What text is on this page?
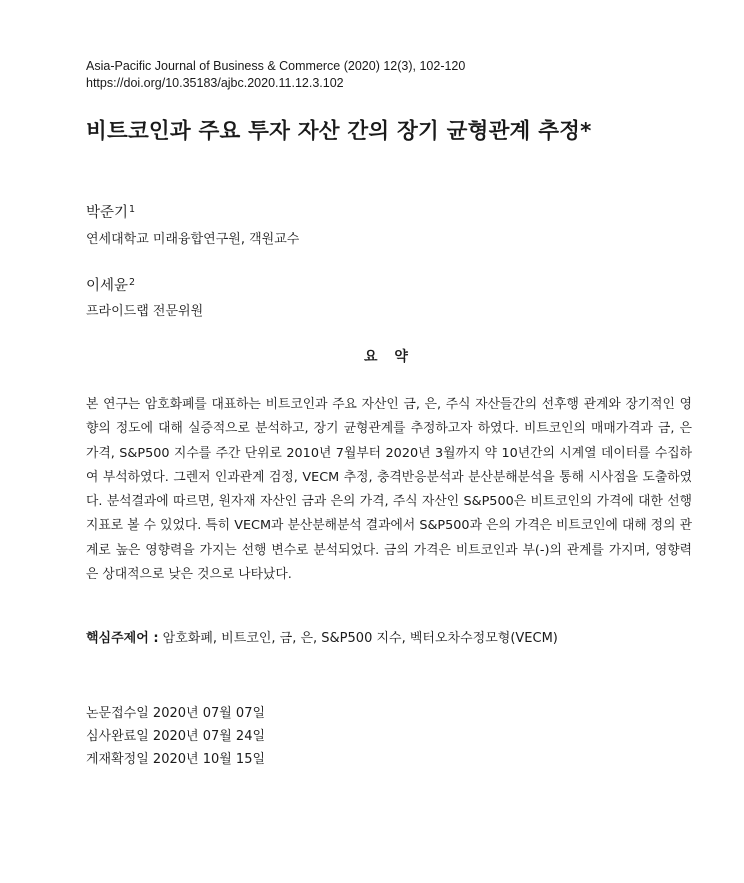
Asia-Pacific Journal of Business & Commerce (2020) 12(3), 102-120
https://doi.org/10.35183/ajbc.2020.11.12.3.102
비트코인과 주요 투자 자산 간의 장기 균형관계 추정*
박준기$^1$
연세대학교 미래융합연구원, 객원교수
이세윤$^2$
프라이드랩 전문위원
요 약
본 연구는 암호화폐를 대표하는 비트코인과 주요 자산인 금, 은, 주식 자산들간의 선후행 관계와 장기적인 영향의 정도에 대해 실증적으로 분석하고, 장기 균형관계를 추정하고자 하였다. 비트코인의 매매가격과 금, 은 가격, S&P500 지수를 주간 단위로 2010년 7월부터 2020년 3월까지 약 10년간의 시계열 데이터를 수집하여 부석하였다. 그렌저 인과관계 검정, VECM 추정, 충격반응분석과 분산분해분석을 통해 시사점을 도출하였다. 분석결과에 따르면, 원자재 자산인 금과 은의 가격, 주식 자산인 S&P500은 비트코인의 가격에 대한 선행 지표로 볼 수 있었다. 특히 VECM과 분산분해분석 결과에서 S&P500과 은의 가격은 비트코인에 대해 정의 관계로 높은 영향력을 가지는 선행 변수로 분석되었다. 금의 가격은 비트코인과 부(-)의 관계를 가지며, 영향력은 상대적으로 낮은 것으로 나타났다.
핵심주제어 : 암호화폐, 비트코인, 금, 은, S&P500 지수, 벡터오차수정모형(VECM)
논문접수일 2020년 07월 07일
심사완료일 2020년 07월 24일
게재확정일 2020년 10월 15일
